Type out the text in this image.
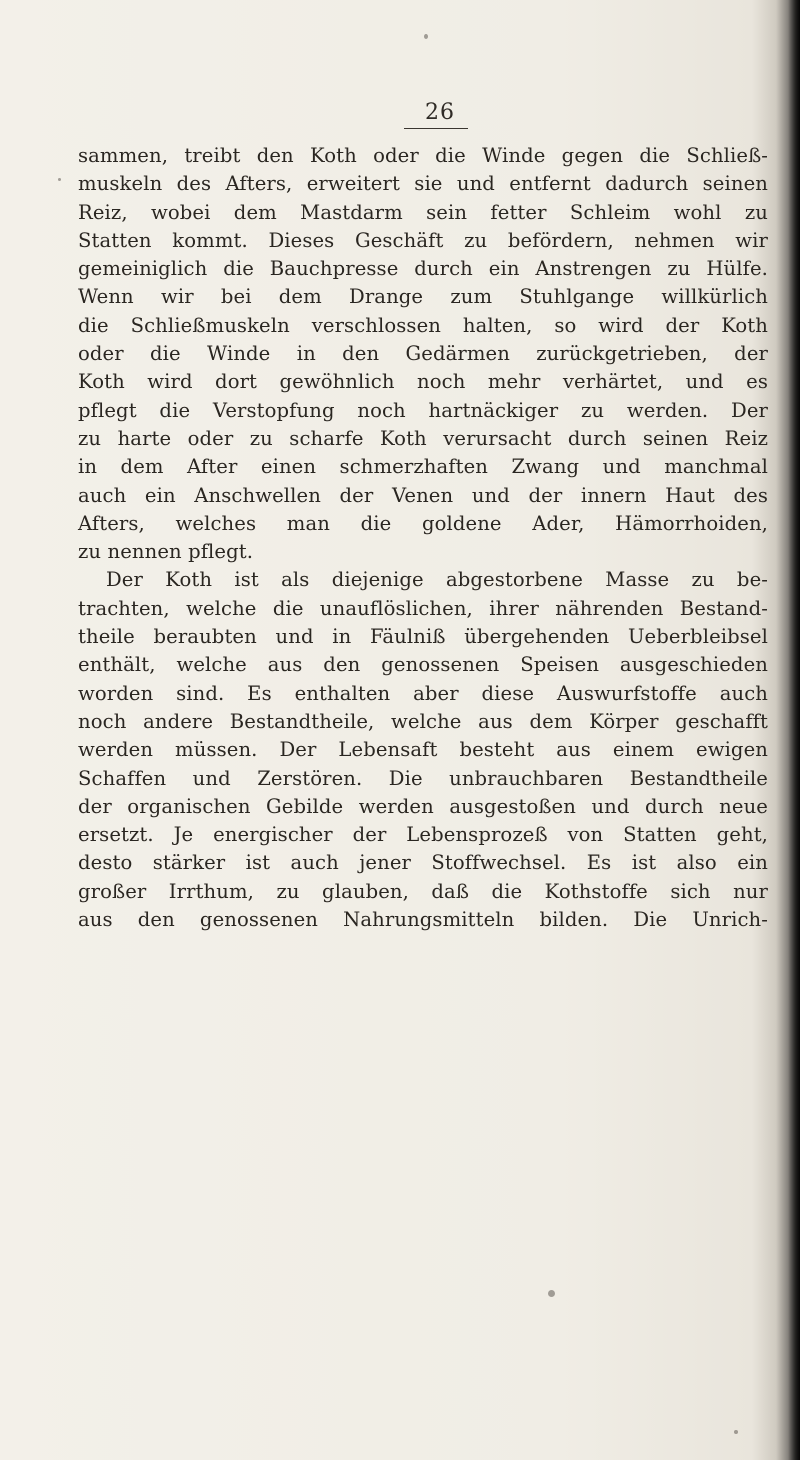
26
sammen, treibt den Koth oder die Winde gegen die Schließ-
muskeln des Afters, erweitert sie und entfernt dadurch seinen
Reiz, wobei dem Mastdarm sein fetter Schleim wohl zu
Statten kommt. Dieses Geschäft zu befördern, nehmen wir
gemeiniglich die Bauchpresse durch ein Anstrengen zu Hülfe.
Wenn wir bei dem Drange zum Stuhlgange willkürlich
die Schließmuskeln verschlossen halten, so wird der Koth
oder die Winde in den Gedärmen zurückgetrieben, der
Koth wird dort gewöhnlich noch mehr verhärtet, und es
pflegt die Verstopfung noch hartnäckiger zu werden. Der
zu harte oder zu scharfe Koth verursacht durch seinen Reiz
in dem After einen schmerzhaften Zwang und manchmal
auch ein Anschwellen der Venen und der innern Haut des
Afters, welches man die goldene Ader, Hämorrhoiden,
zu nennen pflegt.
Der Koth ist als diejenige abgestorbene Masse zu be-
trachten, welche die unauflöslichen, ihrer nährenden Bestand-
theile beraubten und in Fäulniß übergehenden Ueberbleibsel
enthält, welche aus den genossenen Speisen ausgeschieden
worden sind. Es enthalten aber diese Auswurfstoffe auch
noch andere Bestandtheile, welche aus dem Körper geschafft
werden müssen. Der Lebensaft besteht aus einem ewigen
Schaffen und Zerstören. Die unbrauchbaren Bestandtheile
der organischen Gebilde werden ausgestoßen und durch neue
ersetzt. Je energischer der Lebensprozeß von Statten geht,
desto stärker ist auch jener Stoffwechsel. Es ist also ein
großer Irrthum, zu glauben, daß die Kothstoffe sich nur
aus den genossenen Nahrungsmitteln bilden. Die Unrich-
